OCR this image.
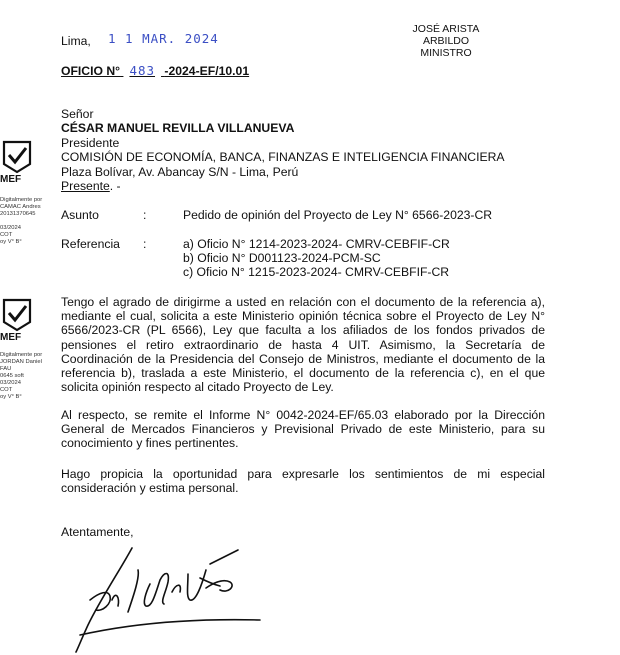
Lima, 1 1 MAR. 2024
JOSÉ ARISTA ARBILDO
MINISTRO
OFICIO N° 483 -2024-EF/10.01
Señor
CÉSAR MANUEL REVILLA VILLANUEVA
Presidente
COMISIÓN DE ECONOMÍA, BANCA, FINANZAS E INTELIGENCIA FINANCIERA
Plaza Bolívar, Av. Abancay S/N - Lima, Perú
Presente. -
Asunto	:	Pedido de opinión del Proyecto de Ley N° 6566-2023-CR
Referencia :	a) Oficio N° 1214-2023-2024- CMRV-CEBFIF-CR
b) Oficio N° D001123-2024-PCM-SC
c) Oficio N° 1215-2023-2024- CMRV-CEBFIF-CR
Tengo el agrado de dirigirme a usted en relación con el documento de la referencia a),
mediante el cual, solicita a este Ministerio opinión técnica sobre el Proyecto de Ley N°
6566/2023-CR (PL 6566), Ley que faculta a los afiliados de los fondos privados de
pensiones el retiro extraordinario de hasta 4 UIT. Asimismo, la Secretaría de
Coordinación de la Presidencia del Consejo de Ministros, mediante el documento de la
referencia b), traslada a este Ministerio, el documento de la referencia c), en el que
solicita opinión respecto al citado Proyecto de Ley.
Al respecto, se remite el Informe N° 0042-2024-EF/65.03 elaborado por la Dirección
General de Mercados Financieros y Previsional Privado de este Ministerio, para su
conocimiento y fines pertinentes.
Hago propicia la oportunidad para expresarle los sentimientos de mi especial
consideración y estima personal.
Atentamente,
MEF
Digitalmente por
CAMAC Andres
20131370645
03/2024
COT
oy V° B°
MEF
Digitalmente por
JORDAN Daniel
FAU
0645 soft
03/2024
COT
oy V° B°
